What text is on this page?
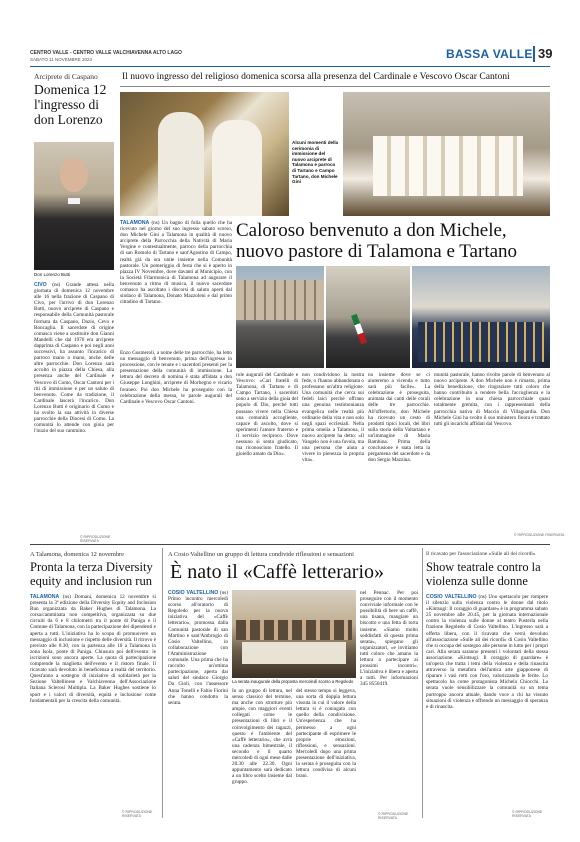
CENTRO VALLE - CENTRO VALLE VALCHIAVENNA ALTO LAGO
SABATO 11 NOVEMBRE 2023	BASSA VALLE 39
Arciprete di Caspano
Domenica 12 l'ingresso di don Lorenzo
Don Lorenzo Butti
CIVO (ns) Grande attesa nella giornata di domenica 12 novembre alle 16 nella frazione di Caspano di Civo, per l'arrivo di don Lorenzo Butti, nuovo arciprete di Caspano e responsabile della Comunità pastorale formata da Caspano, Dazio, Cevo e Roncaglia. Il sacerdote di origine comasca viene a sostituire don Gianni Mandelli che dal 1976 era arciprete dapprima di Caspano e poi negli anni successivi, ha assunto l'incarico di parroco mano a mano, anche delle altre parrocchie. Don Lorenzo sarà accolto in piazza della Chiesa, alla presenza anche del Cardinale e Vescovo di Como, Oscar Cantoni per i riti di immissione e per un saluto di benvenuto. Come da tradizione, il Cardinale lascerà l'incarico. Don Lorenzo Butti è originario di Como e ha svolto la sua attività in diverse parrocchie della Diocesi di Como. La comunità lo attende con gioia per l'inizio del suo cammino.
© RIPRODUZIONE RISERVATA
Il nuovo ingresso del religioso domenica scorsa alla presenza del Cardinale e Vescovo Oscar Cantoni
Alcuni momenti della cerimonia di immissione del nuovo arciprete di Talamona e parroco di Tartano e Campo Tartano, don Michele Gini
Caloroso benvenuto a don Michele, nuovo pastore di Talamona e Tartano
TALAMONA (ns) Un bagno di folla quello che ha ricevuto nel giorno del suo ingresso sabato scorso, don Michele Gini a Talamona in qualità di nuovo arciprete della Parrocchia della Natività di Maria Vergine e contestualmente, parroco della parrocchia di san Romolo di Tartano e sant'Agostino di Campo, realtà già da ora unite insieme nella Comunità pastorale. Un pomeriggio di festa che si è aperto in piazza IV Novembre, dove davanti al Municipio, con la Società Filarmonica di Talamona ad augurare il benvenuto a ritmo di musica, il nuovo sacerdote comasco ha ascoltato i discorsi di saluto aperti dal sindaco di Talamona, Donato Mazzoleni e dal primo cittadino di Tartano.
Enzo Gusmeroli, a nome delle tre parrocchie, ha letto un messaggio di benvenuto, prima dell'ingresso in processione, con le tenute e i sacerdoti presenti per la presentazione della comunità di immissione. La lettura del decreto di nomina è stata affidata a don Giuseppe Longhini, arciprete di Morbegno e vicario foraneo. Poi don Michele ha proseguito con la celebrazione della messa, le parole augurali del Cardinale e Vescovo Oscar Cantoni.
role augurali del Cardinale e Vescovo: «Cari fratelli di Talamona, di Tartano e di Campo Tartano, i sacerdoti sono a servizio della gioia del popolo di Dio, perché tutti possano vivere nella Chiesa una comunità accogliente, capace di ascolto, dove si sperimenti l'amore fraterno e il servizio reciproco. Dove nessuno si senta giudicato, ma riconosciuto fratello. Il gioiello amato da Dio».
non condividono la nostra fede, o l'hanno abbandonata o professano un'altra religione. Una comunità che cerca sui fedeli laici perché offrano una genuina testimonianza evangelica nelle realtà più ordinarie della vita e non solo negli spazi ecclesiali. Nella prima omelia a Talamona, il nuovo arciprete ha detto: «Il Vangelo non è una favola, ma una persona che aiuta a vivere in pienezza la propria vita».
no insieme dove se ci aiuteremo a vicenda e tutto sarà più facile». La celebrazione è proseguita, animata dai canti delle corali delle tre parrocchie. All'offertorio, don Michele ha ricevuto un cesto di prodotti tipici locali, dei libri sulla storia della Valtartano e un'immagine di Maria Bambina. Prima della conclusione è stata letta la pergamena del sacerdote e da don Sergio Mazzina.
munità pastorale, hanno rivolto parole di benvenuto al nuovo arciprete. A don Michele non è rimasto, prima della benedizione, che ringraziare tutti coloro che hanno contribuito a rendere bella l'accoglienza e la celebrazione in una chiesa parrocchiale quasi totalmente gremita, con i rappresentanti della parrocchia nativa di Maccio di Villaguardia. Don Michele Gini ha svolto il suo ministero finora e trattato tutti gli incarichi affidati dal Vescovo.
© RIPRODUZIONE RISERVATA
A Talamona, domenica 12 novembre
Pronta la terza Diversity equity and inclusion run
TALAMONA (ns) Domani, domenica 12 novembre si presenta la 3ª edizione della Diversity Equity and Inclusion Run organizzata da Baker Hughes di Talamona. La corsa/camminata non competitiva, organizzata su due circuiti da 6 e 8 chilometri tra il ponte di Paniga e il Comune di Talamona, con la partecipazione dei dipendenti e aperta a tutti. L'iniziativa ha lo scopo di promuovere un messaggio di inclusione e rispetto delle diversità. Il ritrovo è previsto alle 8.30, con la partenza alle 10 a Talamona in zona Isola, ponte di Paniga. Chiusura poi dell'evento: le iscrizioni sono ancora aperte. La quota di partecipazione comprende la maglietta dell'evento e il ristoro finale. Il ricavato sarà devoluto in beneficenza a realtà del territorio. Quest'anno a sostegno di iniziative di solidarietà per la Sezione Valtellinese e Valchiavenna dell'Associazione Italiana Sclerosi Multipla. La Baker Hughes sostiene lo sport e i valori di diversità, equità e inclusione come fondamentali per la crescita della comunità.
© RIPRODUZIONE RISERVATA
A Cosio Valtellino un gruppo di lettura condivide riflessioni e sensazioni
È nato il «Caffè letterario»
COSIO VALTELLINO (ns) Primo incontro mercoledì scorso all'oratorio di Regoledo per la nuova iniziativa del «Caffè letterario», promossa dalla Comunità pastorale di san Martino e sant'Ambrogio di Cosio Valtellino, in collaborazione con l'Amministrazione comunale. Una prima che ha raccolto un'ottima partecipazione, aperta dai saluti del sindaco Giorgio Da Gioli, con l'assessore Anna Tonelli e Fabio Fiorini che hanno condotto la serata.
La serata inaugurale della proposta mercoledì scorso a Regoledo
In un gruppo di lettura, nel senso classico del termine, ma anche con strutture più ampie, con maggiori eventi collegati come le presentazioni di libri e il coinvolgimento dei ragazzi, questo è l'ambiente del «Caffè letterario», che avrà una cadenza bimestrale, il secondo e il quarto mercoledì di ogni mese dalle 20.30 alle 22.30. Ogni appuntamento sarà dedicato a un libro scelto insieme dal gruppo.
del stesso tempo si leggeva, una sorta di doppia lettura vissuta in cui il valore della lettura si è coniugato con quello della condivisione. Un'esperienza che ha permesso a ogni partecipante di esprimere le proprie emozioni, riflessioni, e sensazioni. Mercoledì dopo una prima presentazione dell'iniziativa, la serata è proseguita con la lettura condivisa di alcuni brani.
nel Pennac. Per poi proseguire con il momento conviviale informale con le possibilità di bere un caffè, una tisana, mangiare un biscotto e una fetta di torta insieme. «Siamo molto soddisfatti di questa prima serata», spiegano gli organizzatori, «e invitiamo tutti coloro che amano la lettura a partecipare ai prossimi incontri». L'iniziativa è libera e aperta a tutti. Per informazioni 345 8550419.
© RIPRODUZIONE RISERVATA
Il ricavato per l'associazione «Sulle ali dei ricordi»
Show teatrale contro la violenza sulle donne
COSIO VALTELLINO (ns) Uno spettacolo per rompere il silenzio sulla violenza contro le donne dal titolo «Kintsugi: Il coraggio di guardare» è in programma sabato 25 novembre alle 20.45, per la giornata internazionale contro la violenza sulle donne al teatro Pusterla nella frazione Regoledo di Cosio Valtellino. L'ingresso sarà a offerta libera, con il ricavato che verrà devoluto all'associazione «Sulle ali dei ricordi» di Cosio Valtellino che si occupa del sostegno alle persone in lutto per i propri cari. Alla serata saranno presenti i volontari della stessa associazione. «Kintsugi. Il coraggio di guardare» è un'opera che tratta i temi della violenza e della rinascita attraverso la metafora dell'antica arte giapponese di riparare i vasi rotti con l'oro, valorizzando le ferite. Lo spettacolo ha come protagonista Michela Chiocchi. La serata vuole sensibilizzare la comunità su un tema purtroppo ancora attuale, dando voce a chi ha vissuto situazioni di violenza e offrendo un messaggio di speranza e di rinascita.
© RIPRODUZIONE RISERVATA
